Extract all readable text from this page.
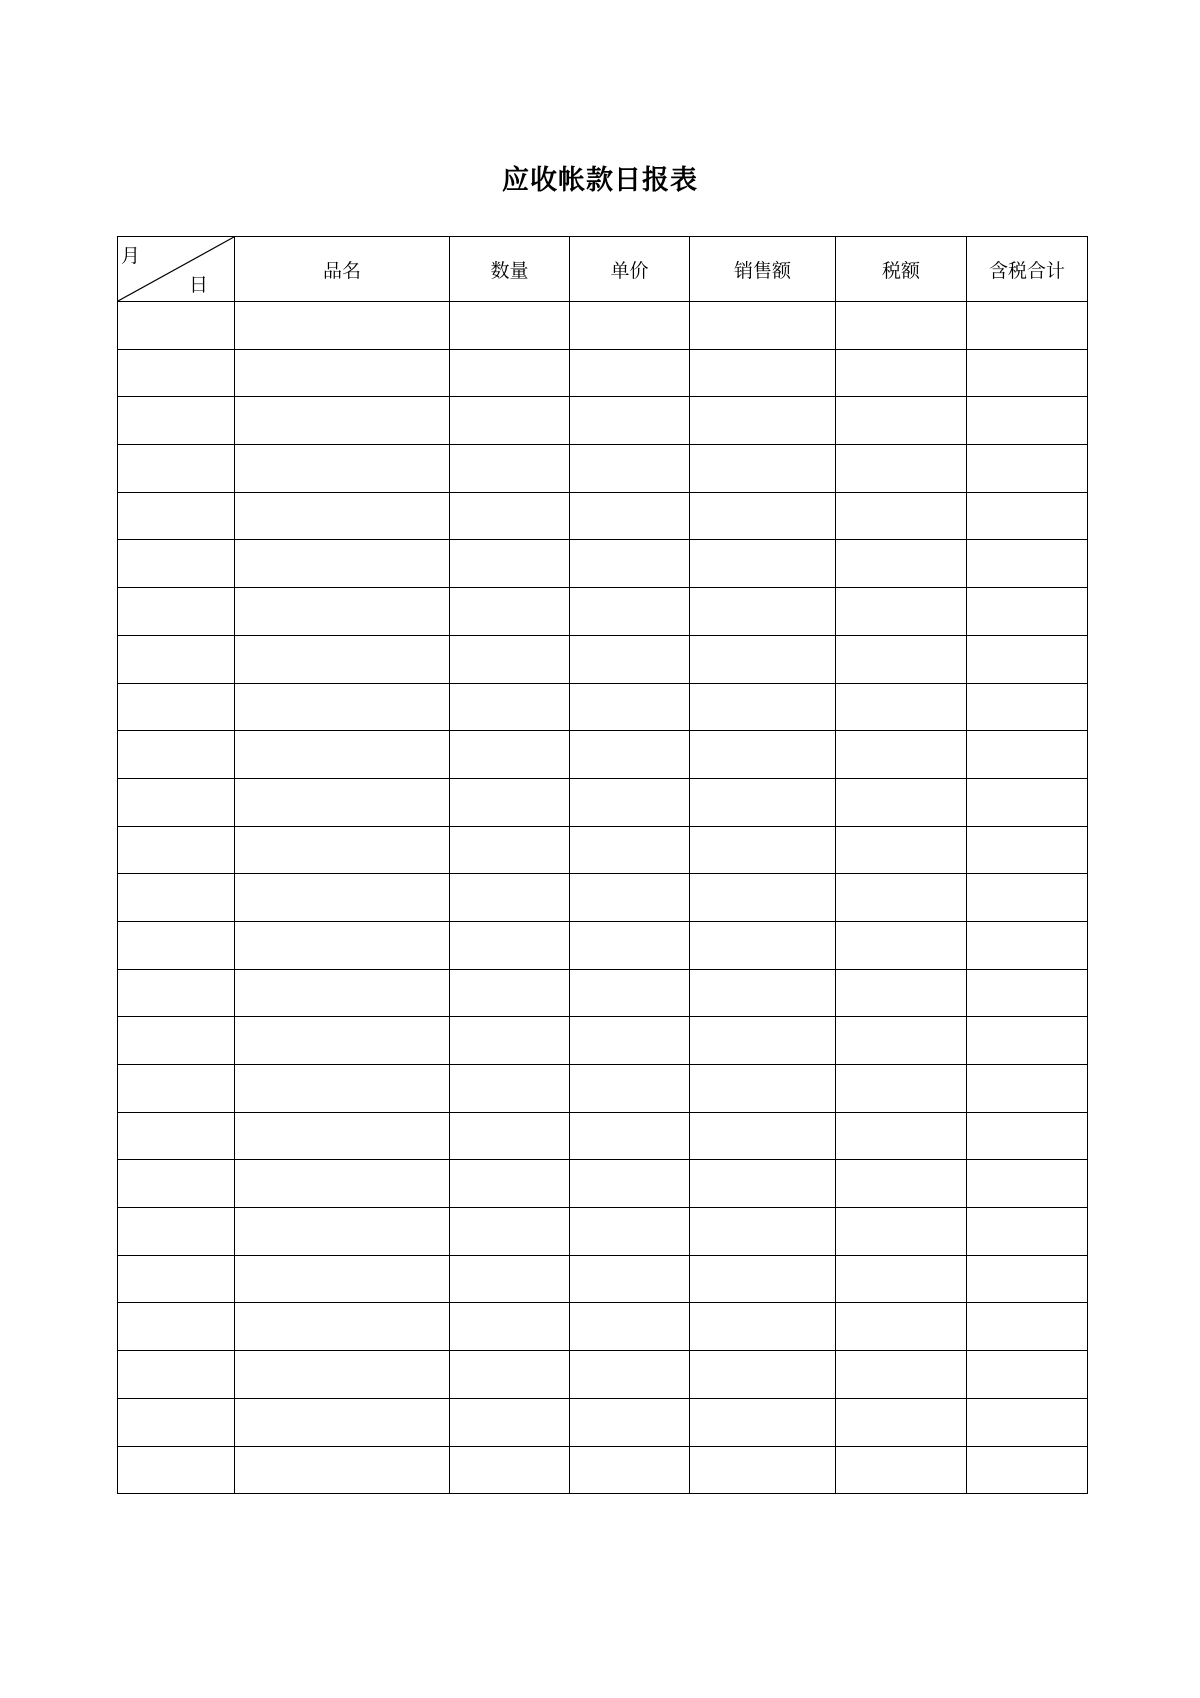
应收帐款日报表
月
日	品名	数量	单价	销售额	税额	含税合计
